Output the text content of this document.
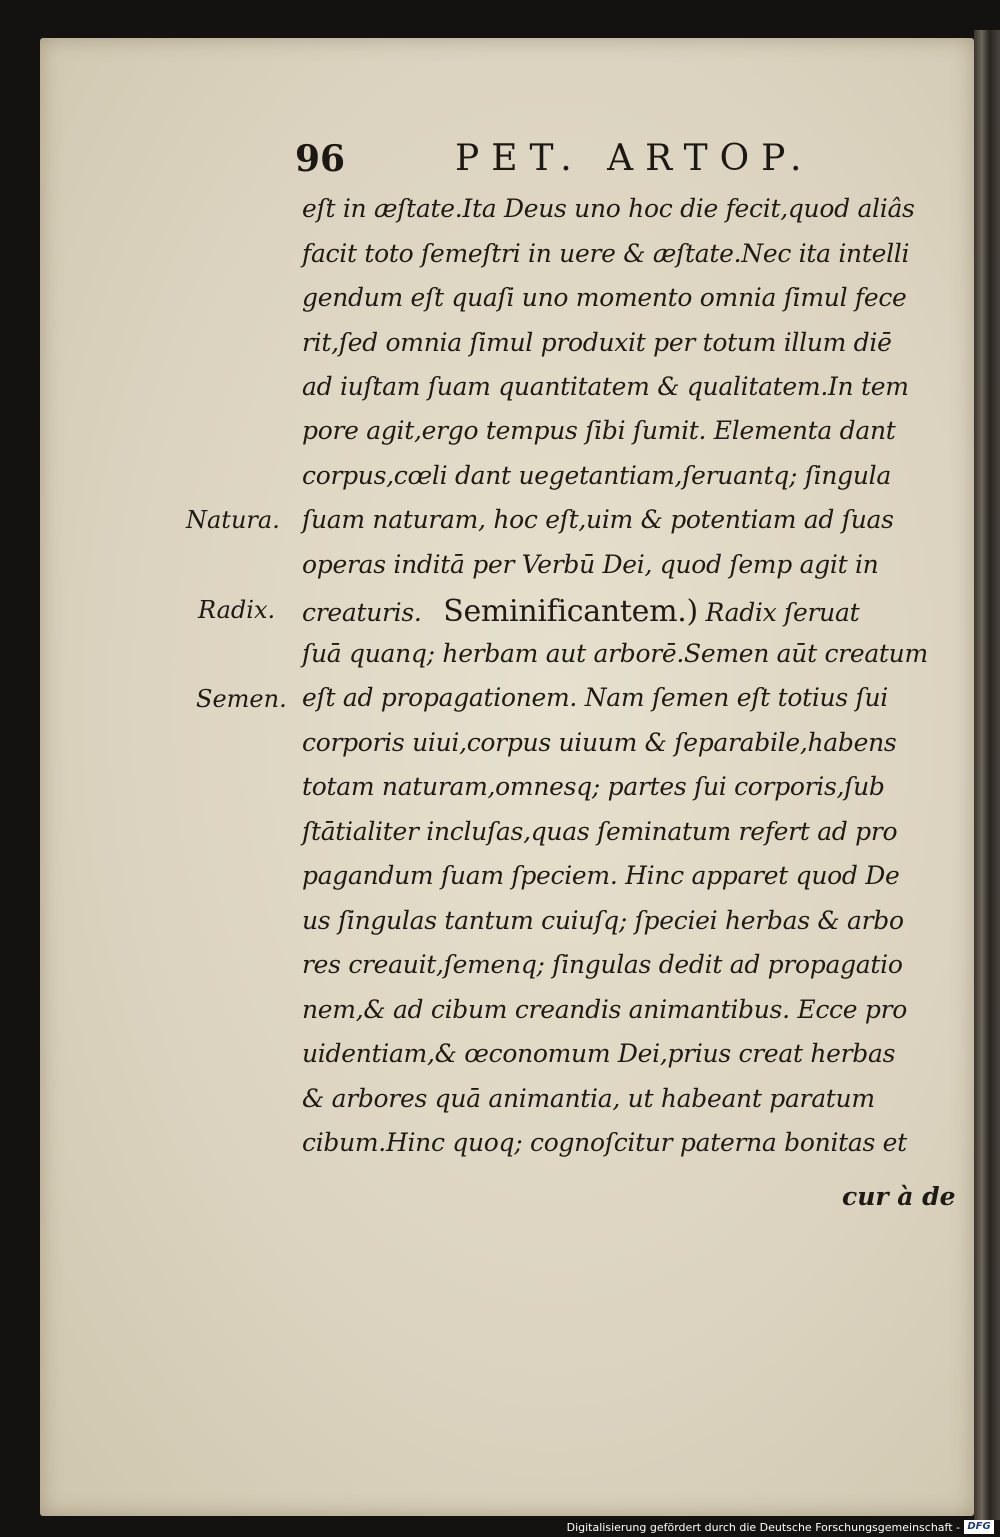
96	PET. ARTOP.
eſt in æſtate.Ita Deus uno hoc die fecit,quod aliâs
facit toto ſemeſtri in uere & æſtate.Nec ita intelli
gendum eſt quaſi uno momento omnia ſimul fece
rit,ſed omnia ſimul produxit per totum illum diē
ad iuſtam ſuam quantitatem & qualitatem.In tem
pore agit,ergo tempus ſibi ſumit. Elementa dant
corpus,cœli dant uegetantiam,ſeruantq; ſingula
ſuam naturam, hoc eſt,uim & potentiam ad ſuas
operas inditā per Verbū Dei, quod ſemp agit in
creaturis. Seminificantem.) Radix ſeruat
ſuā quanq; herbam aut arborē.Semen aūt creatum
eſt ad propagationem. Nam ſemen eſt totius ſui
corporis uiui,corpus uiuum & ſeparabile,habens
totam naturam,omnesq; partes ſui corporis,ſub
ſtātialiter incluſas,quas ſeminatum refert ad pro
pagandum ſuam ſpeciem. Hinc apparet quod De
us ſingulas tantum cuiuſq; ſpeciei herbas & arbo
res creauit,ſemenq; ſingulas dedit ad propagatio
nem,& ad cibum creandis animantibus. Ecce pro
uidentiam,& œconomum Dei,prius creat herbas
& arbores quā animantia, ut habeant paratum
cibum.Hinc quoq; cognoſcitur paterna bonitas et
Natura.
Radix.
Semen.
cur à de
Digitalisierung gefördert durch die Deutsche Forschungsgemeinschaft - DFG
